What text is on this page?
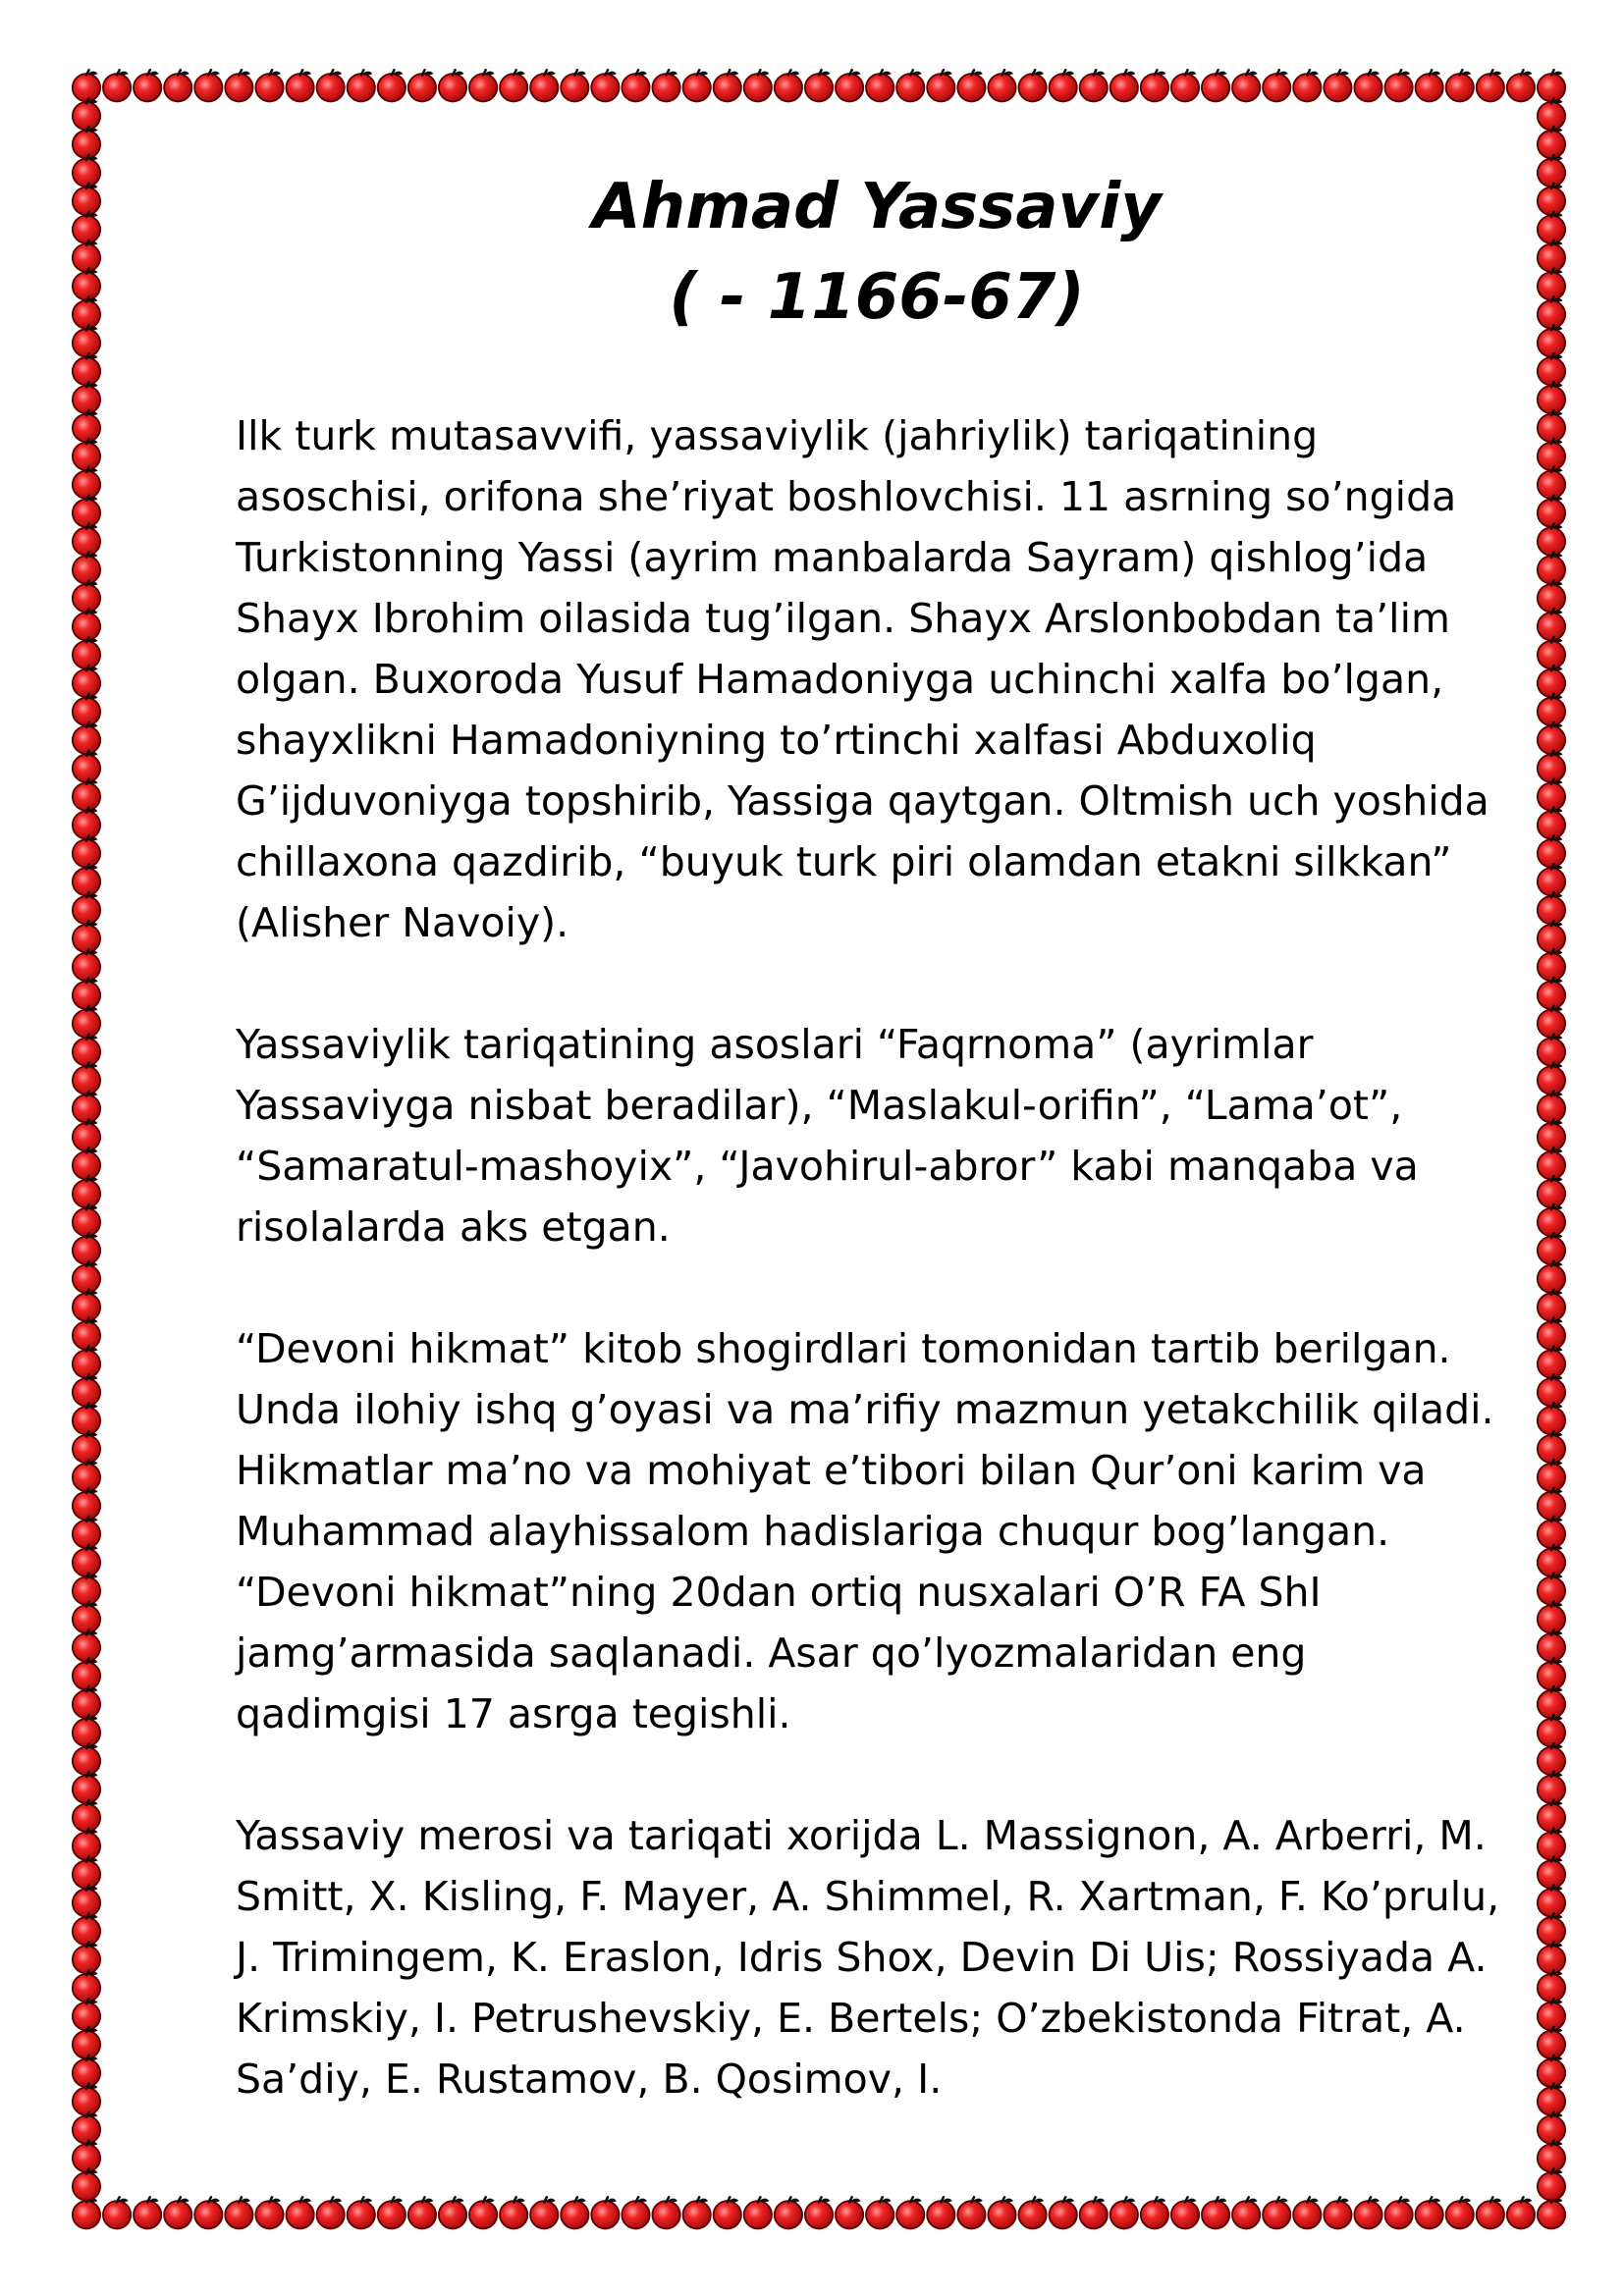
Ahmad Yassaviy
( - 1166-67)

Ilk turk mutasavvifi, yassaviylik (jahriylik) tariqatining asoschisi, orifona she’riyat boshlovchisi. 11 asrning so’ngida Turkistonning Yassi (ayrim manbalarda Sayram) qishlog’ida Shayx Ibrohim oilasida tug’ilgan. Shayx Arslonbobdan ta’lim olgan. Buxoroda Yusuf Hamadoniyga uchinchi xalfa bo’lgan, shayxlikni Hamadoniyning to’rtinchi xalfasi Abduxoliq G’ijduvoniyga topshirib, Yassiga qaytgan. Oltmish uch yoshida chillaxona qazdirib, “buyuk turk piri olamdan etakni silkkan” (Alisher Navoiy).

Yassaviylik tariqatining asoslari “Faqrnoma” (ayrimlar Yassaviyga nisbat beradilar), “Maslakul-orifin”, “Lama’ot”, “Samaratul-mashoyix”, “Javohirul-abror” kabi manqaba va risolalarda aks etgan.

“Devoni hikmat” kitob shogirdlari tomonidan tartib berilgan. Unda ilohiy ishq g’oyasi va ma’rifiy mazmun yetakchilik qiladi. Hikmatlar ma’no va mohiyat e’tibori bilan Qur’oni karim va Muhammad alayhissalom hadislariga chuqur bog’langan. “Devoni hikmat”ning 20dan ortiq nusxalari O’R FA ShI jamg’armasida saqlanadi. Asar qo’lyozmalaridan eng qadimgisi 17 asrga tegishli.

Yassaviy merosi va tariqati xorijda L. Massignon, A. Arberri, M. Smitt, X. Kisling, F. Mayer, A. Shimmel, R. Xartman, F. Ko’prulu, J. Trimingem, K. Eraslon, Idris Shox, Devin Di Uis; Rossiyada A. Krimskiy, I. Petrushevskiy, E. Bertels; O’zbekistonda Fitrat, A. Sa’diy, E. Rustamov, B. Qosimov, I.
